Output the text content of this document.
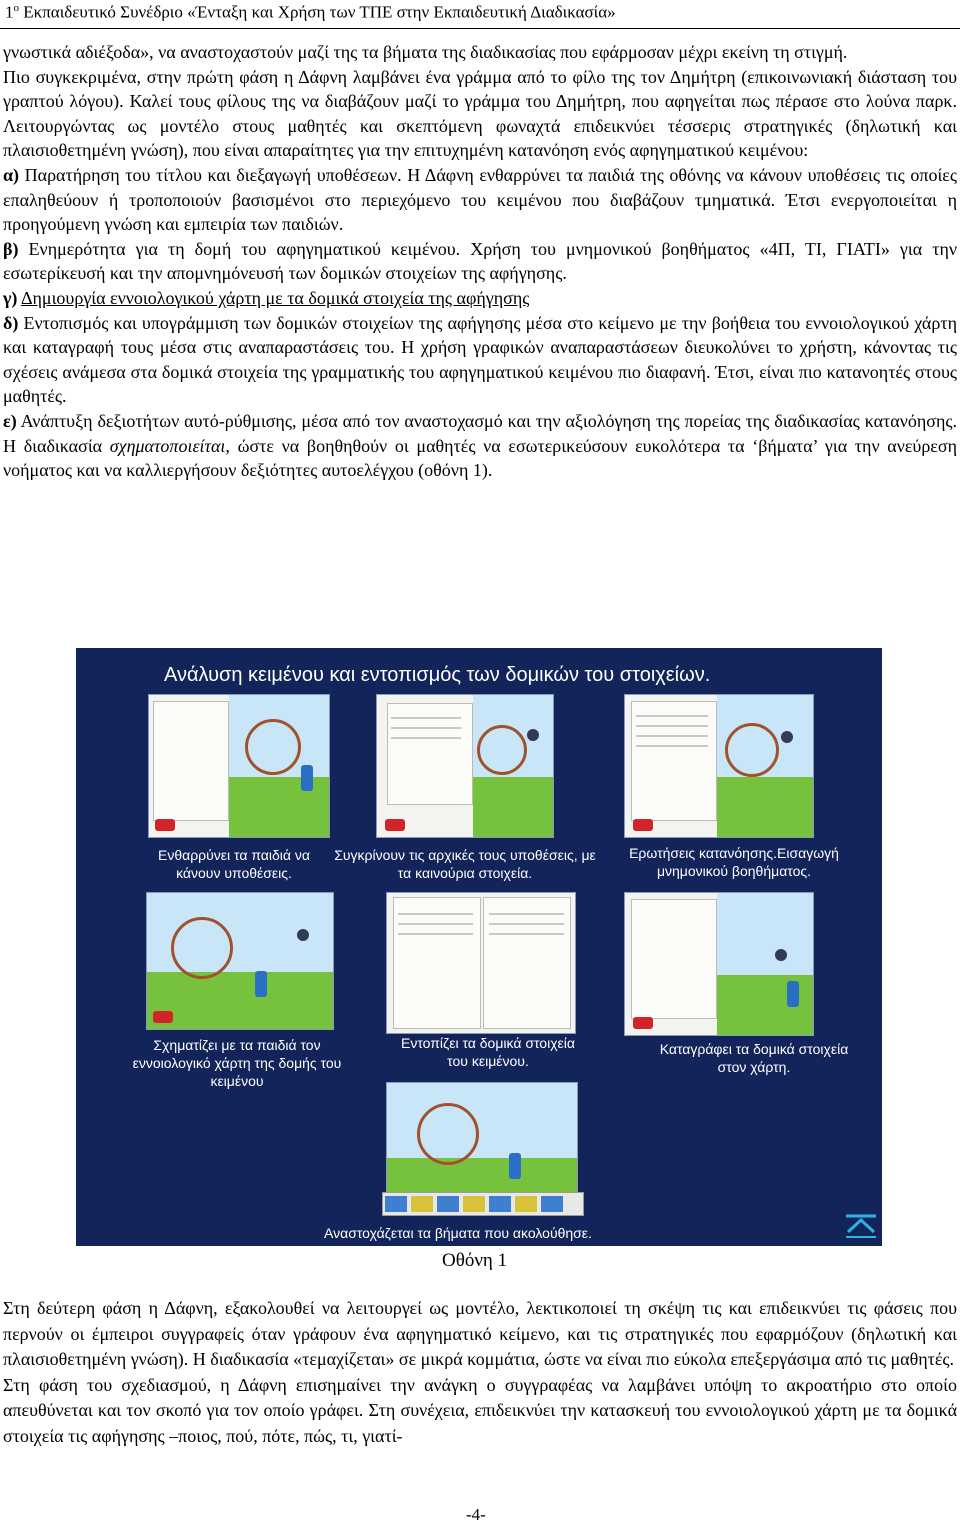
$1^o$ Εκπαιδευτικό Συνέδριο «Ένταξη και Χρήση των ΤΠΕ στην Εκπαιδευτική Διαδικασία»

γνωστικά αδιέξοδα», να αναστοχαστούν μαζί της τα βήματα της διαδικασίας που εφάρμοσαν μέχρι εκείνη τη στιγμή.

Πιο συγκεκριμένα, στην πρώτη φάση η Δάφνη λαμβάνει ένα γράμμα από το φίλο της τον Δημήτρη (επικοινωνιακή διάσταση του γραπτού λόγου). Καλεί τους φίλους της να διαβάζουν μαζί το γράμμα του Δημήτρη, που αφηγείται πως πέρασε στο λούνα παρκ. Λειτουργώντας ως μοντέλο στους μαθητές και σκεπτόμενη φωναχτά επιδεικνύει τέσσερις στρατηγικές (δηλωτική και πλαισιοθετημένη γνώση), που είναι απαραίτητες για την επιτυχημένη κατανόηση ενός αφηγηματικού κειμένου:

α) Παρατήρηση του τίτλου και διεξαγωγή υποθέσεων. Η Δάφνη ενθαρρύνει τα παιδιά της οθόνης να κάνουν υποθέσεις τις οποίες επαληθεύουν ή τροποποιούν βασισμένοι στο περιεχόμενο του κειμένου που διαβάζουν τμηματικά. Έτσι ενεργοποιείται η προηγούμενη γνώση και εμπειρία των παιδιών.

β) Ενημερότητα για τη δομή του αφηγηματικού κειμένου. Χρήση του μνημονικού βοηθήματος «4Π, ΤΙ, ΓΙΑΤΙ» για την εσωτερίκευσή και την απομνημόνευσή των δομικών στοιχείων της αφήγησης.

γ) Δημιουργία εννοιολογικού χάρτη με τα δομικά στοιχεία της αφήγησης

δ) Εντοπισμός και υπογράμμιση των δομικών στοιχείων της αφήγησης μέσα στο κείμενο με την βοήθεια του εννοιολογικού χάρτη και καταγραφή τους μέσα στις αναπαραστάσεις του. Η χρήση γραφικών αναπαραστάσεων διευκολύνει το χρήστη, κάνοντας τις σχέσεις ανάμεσα στα δομικά στοιχεία της γραμματικής του αφηγηματικού κειμένου πιο διαφανή. Έτσι, είναι πιο κατανοητές στους μαθητές.

ε) Ανάπτυξη δεξιοτήτων αυτό-ρύθμισης, μέσα από τον αναστοχασμό και την αξιολόγηση της πορείας της διαδικασίας κατανόησης. Η διαδικασία σχηματοποιείται, ώστε να βοηθηθούν οι μαθητές να εσωτερικεύσουν ευκολότερα τα ‘βήματα’ για την ανεύρεση νοήματος και να καλλιεργήσουν δεξιότητες αυτοελέγχου (οθόνη 1).

Ανάλυση κειμένου και εντοπισμός των δομικών του στοιχείων.
Ενθαρρύνει τα παιδιά να κάνουν υποθέσεις.
Συγκρίνουν τις αρχικές τους υποθέσεις, με τα καινούρια στοιχεία.
Ερωτήσεις κατανόησης.Εισαγωγή μνημονικού βοηθήματος.
Σχηματίζει με τα παιδιά τον εννοιολογικό χάρτη της δομής του κειμένου
Εντοπίζει τα δομικά στοιχεία του κειμένου.
Καταγράφει τα δομικά στοιχεία στον χάρτη.
Αναστοχάζεται τα βήματα που ακολούθησε.
Οθόνη 1

Στη δεύτερη φάση η Δάφνη, εξακολουθεί να λειτουργεί ως μοντέλο, λεκτικοποιεί τη σκέψη τις και επιδεικνύει τις φάσεις που περνούν οι έμπειροι συγγραφείς όταν γράφουν ένα αφηγηματικό κείμενο, και τις στρατηγικές που εφαρμόζουν (δηλωτική και πλαισιοθετημένη γνώση). Η διαδικασία «τεμαχίζεται» σε μικρά κομμάτια, ώστε να είναι πιο εύκολα επεξεργάσιμα από τις μαθητές.

Στη φάση του σχεδιασμού, η Δάφνη επισημαίνει την ανάγκη ο συγγραφέας να λαμβάνει υπόψη το ακροατήριο στο οποίο απευθύνεται και τον σκοπό για τον οποίο γράφει. Στη συνέχεια, επιδεικνύει την κατασκευή του εννοιολογικού χάρτη με τα δομικά στοιχεία τις αφήγησης –ποιος, πού, πότε, πώς, τι, γιατί-

-4-
